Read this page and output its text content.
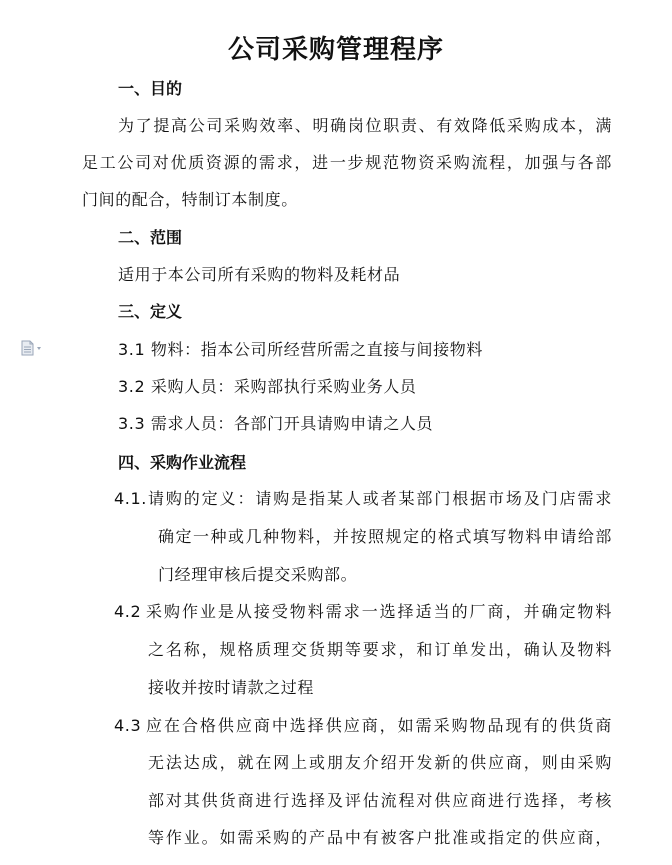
公司采购管理程序
一、目的

为了提高公司采购效率、明确岗位职责、有效降低采购成本，满

足工公司对优质资源的需求，进一步规范物资采购流程，加强与各部

门间的配合，特制订本制度。

二、范围

适用于本公司所有采购的物料及耗材品

三、定义

3.1 物料：指本公司所经营所需之直接与间接物料

3.2 采购人员：采购部执行采购业务人员

3.3 需求人员：各部门开具请购申请之人员

四、采购作业流程
4.1. 请购的定义：请购是指某人或者某部门根据市场及门店需求

确定一种或几种物料，并按照规定的格式填写物料申请给部

门经理审核后提交采购部。

4.2 采购作业是从接受物料需求一选择适当的厂商，并确定物料

之名称，规格质理交货期等要求，和订单发出，确认及物料

接收并按时请款之过程

4.3 应在合格供应商中选择供应商，如需采购物品现有的供货商

无法达成，就在网上或朋友介绍开发新的供应商，则由采购

部对其供货商进行选择及评估流程对供应商进行选择，考核

等作业。如需采购的产品中有被客户批准或指定的供应商，
